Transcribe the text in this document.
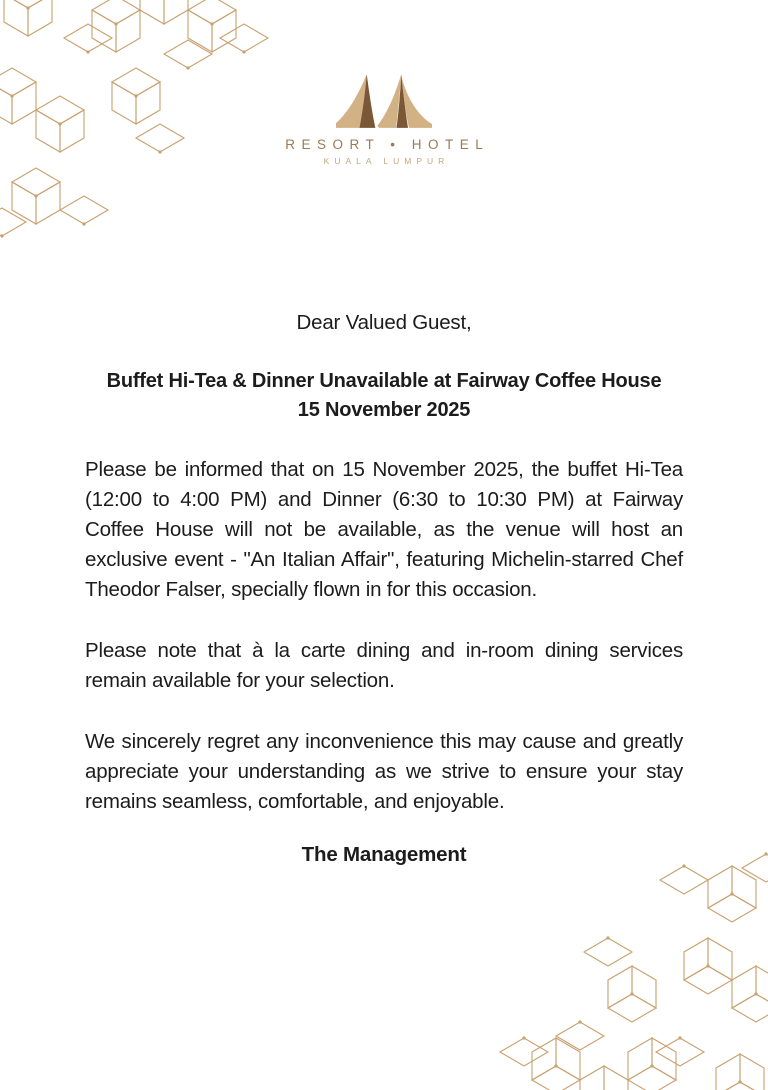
RESORT • HOTEL
KUALA LUMPUR

Dear Valued Guest,

Buffet Hi-Tea & Dinner Unavailable at Fairway Coffee House
15 November 2025

Please be informed that on 15 November 2025, the buffet Hi-Tea (12:00 to 4:00 PM) and Dinner (6:30 to 10:30 PM) at Fairway Coffee House will not be available, as the venue will host an exclusive event - "An Italian Affair", featuring Michelin-starred Chef Theodor Falser, specially flown in for this occasion.

Please note that à la carte dining and in-room dining services remain available for your selection.

We sincerely regret any inconvenience this may cause and greatly appreciate your understanding as we strive to ensure your stay remains seamless, comfortable, and enjoyable.

The Management
